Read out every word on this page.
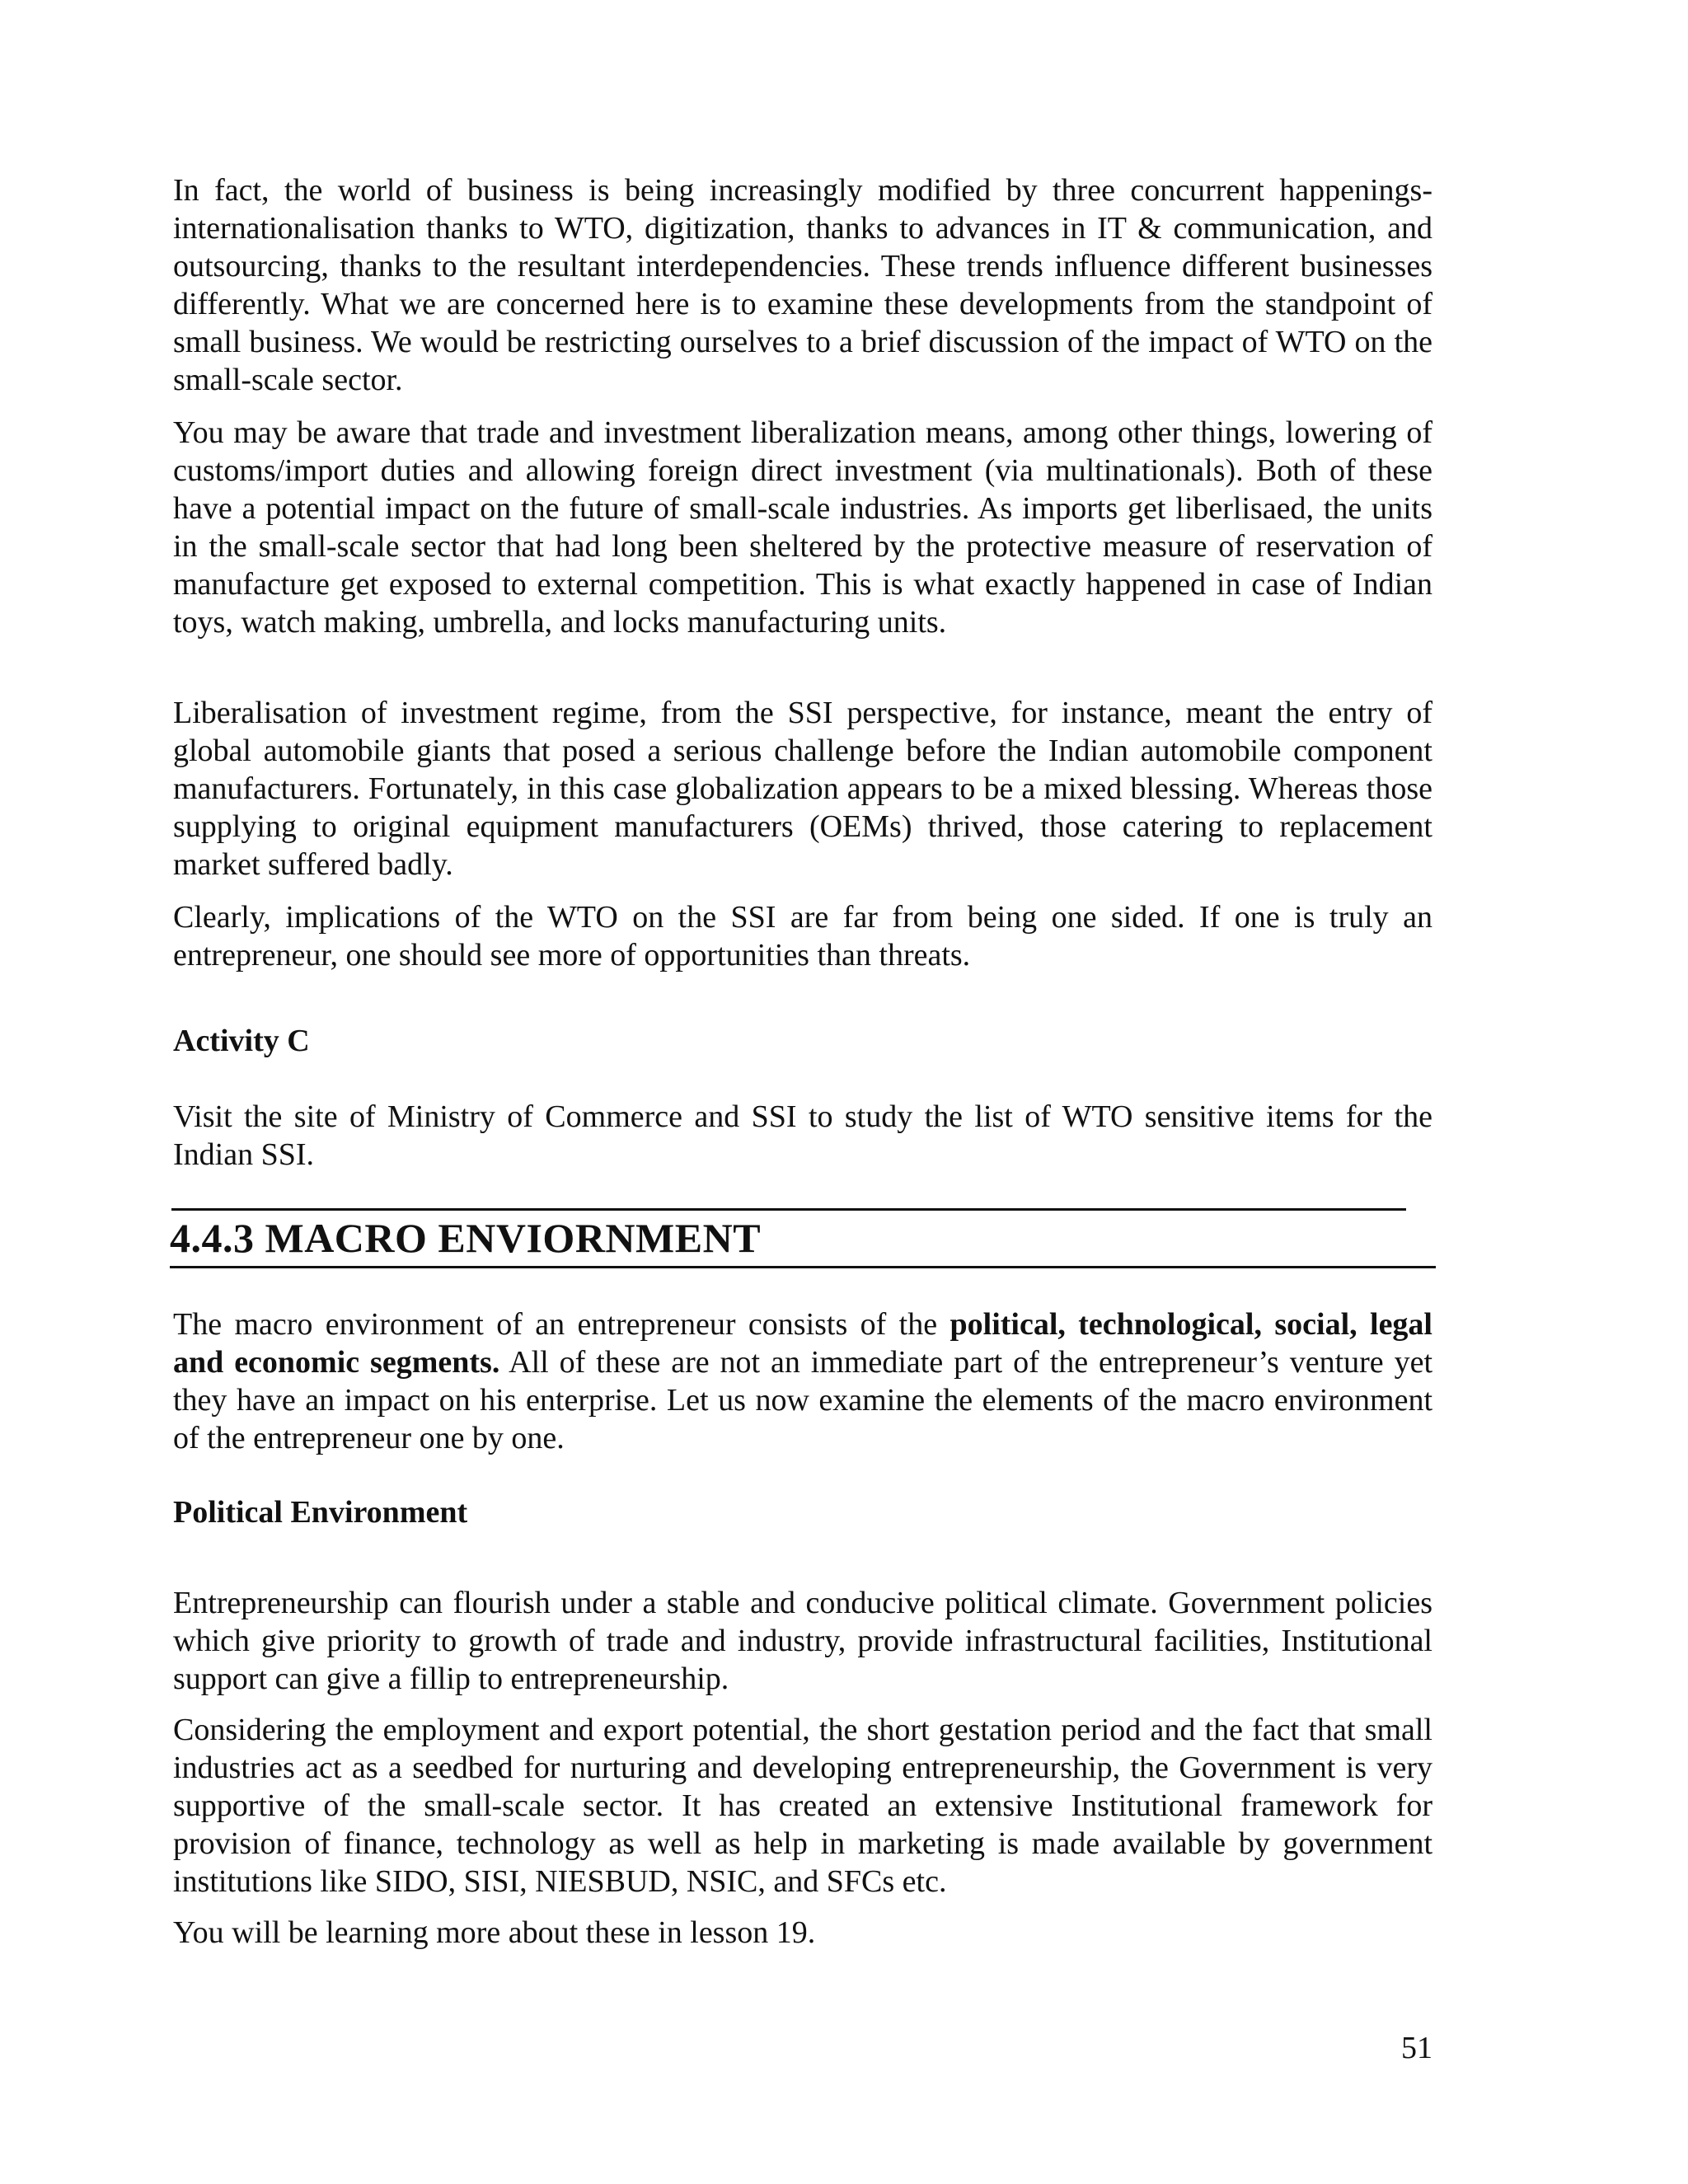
In fact, the world of business is being increasingly modified by three concurrent happenings- internationalisation thanks to WTO, digitization, thanks to advances in IT & communication, and outsourcing, thanks to the resultant interdependencies. These trends influence different businesses differently. What we are concerned here is to examine these developments from the standpoint of small business. We would be restricting ourselves to a brief discussion of the impact of WTO on the small-scale sector.

You may be aware that trade and investment liberalization means, among other things, lowering of customs/import duties and allowing foreign direct investment (via multinationals). Both of these have a potential impact on the future of small-scale industries. As imports get liberlisaed, the units in the small-scale sector that had long been sheltered by the protective measure of reservation of manufacture get exposed to external competition. This is what exactly happened in case of Indian toys, watch making, umbrella, and locks manufacturing units.

Liberalisation of investment regime, from the SSI perspective, for instance, meant the entry of global automobile giants that posed a serious challenge before the Indian automobile component manufacturers. Fortunately, in this case globalization appears to be a mixed blessing. Whereas those supplying to original equipment manufacturers (OEMs) thrived, those catering to replacement market suffered badly.

Clearly, implications of the WTO on the SSI are far from being one sided. If one is truly an entrepreneur, one should see more of opportunities than threats.

Activity C

Visit the site of Ministry of Commerce and SSI to study the list of WTO sensitive items for the Indian SSI.

4.4.3 MACRO ENVIORNMENT

The macro environment of an entrepreneur consists of the political, technological, social, legal and economic segments. All of these are not an immediate part of the entrepreneur’s venture yet they have an impact on his enterprise. Let us now examine the elements of the macro environment of the entrepreneur one by one.

Political Environment

Entrepreneurship can flourish under a stable and conducive political climate. Government policies which give priority to growth of trade and industry, provide infrastructural facilities, Institutional support can give a fillip to entrepreneurship.

Considering the employment and export potential, the short gestation period and the fact that small industries act as a seedbed for nurturing and developing entrepreneurship, the Government is very supportive of the small-scale sector. It has created an extensive Institutional framework for provision of finance, technology as well as help in marketing is made available by government institutions like SIDO, SISI, NIESBUD, NSIC, and SFCs etc.

You will be learning more about these in lesson 19.

51
